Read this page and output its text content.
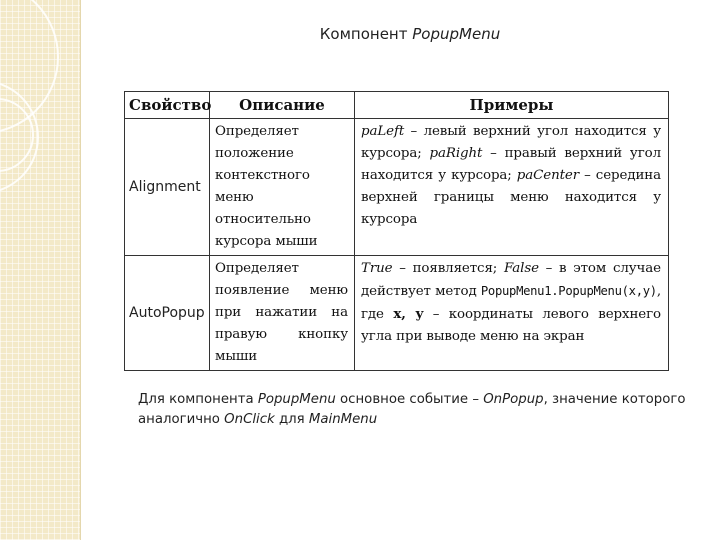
Компонент PopupMenu
Свойство	Описание	Примеры
Alignment	Определяет положение контекстного меню относительно курсора мыши	paLeft – левый верхний угол находится у курсора; paRight – правый верхний угол находится у курсора; paCenter – середина верхней границы меню находится у курсора
AutoPopup	Определяет появление меню при нажатии на правую кнопку мыши	True – появляется; False – в этом случае действует метод PopupMenu1.PopupMenu(x,y), где x, y – координаты левого верхнего угла при выводе меню на экран
Для компонента PopupMenu основное событие – OnPopup, значение которого аналогично OnClick для MainMenu
